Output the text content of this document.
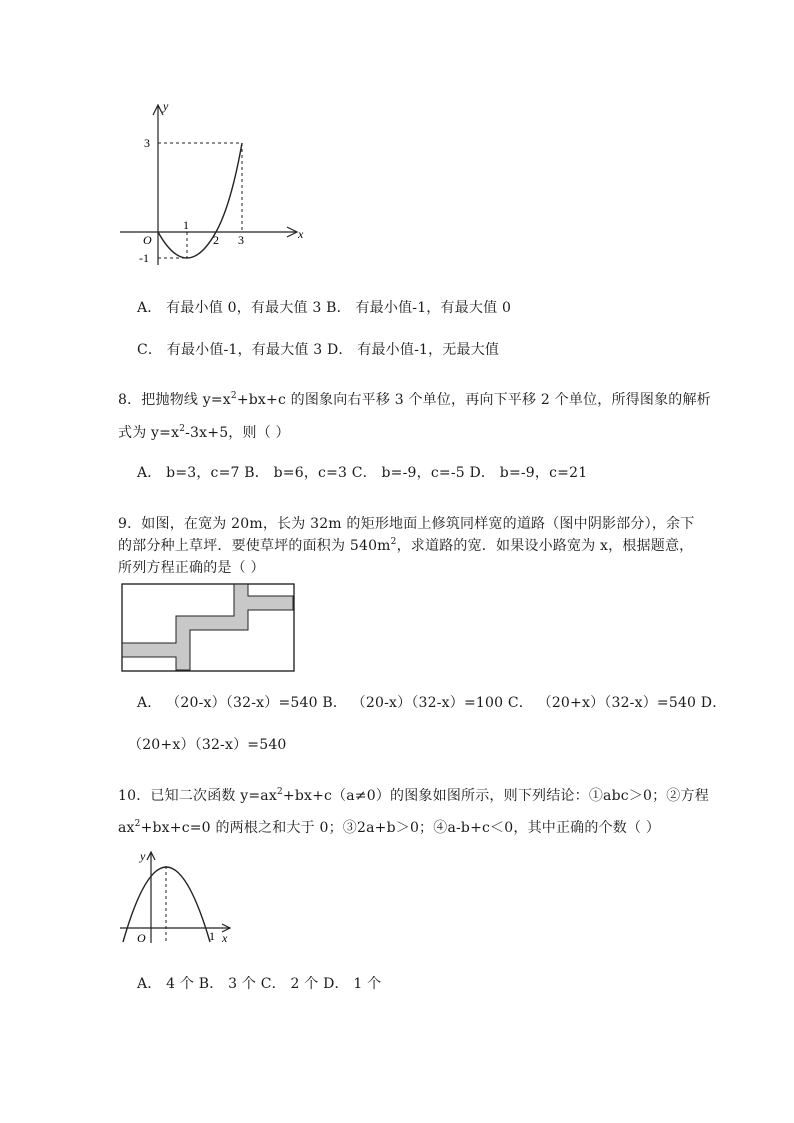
y
x
O
3
-1
1
2 3
A． 有最小值 0，有最大值 3 B． 有最小值-1，有最大值 0
C． 有最小值-1，有最大值 3 D． 有最小值-1，无最大值
8．把抛物线 $y=x^2+bx+c$ 的图象向右平移 3 个单位，再向下平移 2 个单位，所得图象的解析
式为 $y=x^2-3x+5$，则（ ）
A． b=3，c=7 B． b=6，c=3 C． b=-9，c=-5 D． b=-9，c=21
9．如图，在宽为 20m，长为 32m 的矩形地面上修筑同样宽的道路（图中阴影部分），余下
的部分种上草坪．要使草坪的面积为 $540m^2$，求道路的宽．如果设小路宽为 x，根据题意，
所列方程正确的是（ ）
A． （20-x）（32-x）=540 B． （20-x）（32-x）=100 C． （20+x）（32-x）=540 D．
（20+x）（32-x）=540
10．已知二次函数 $y=ax^2+bx+c(a\ne 0)$的图象如图所示，则下列结论：①abc＞0；②方程
$ax^2+bx+c=0$ 的两根之和大于 0；③2a+b＞0；④a-b+c＜0，其中正确的个数（ ）
y
x
O	1
A． 4 个 B． 3 个 C． 2 个 D． 1 个
